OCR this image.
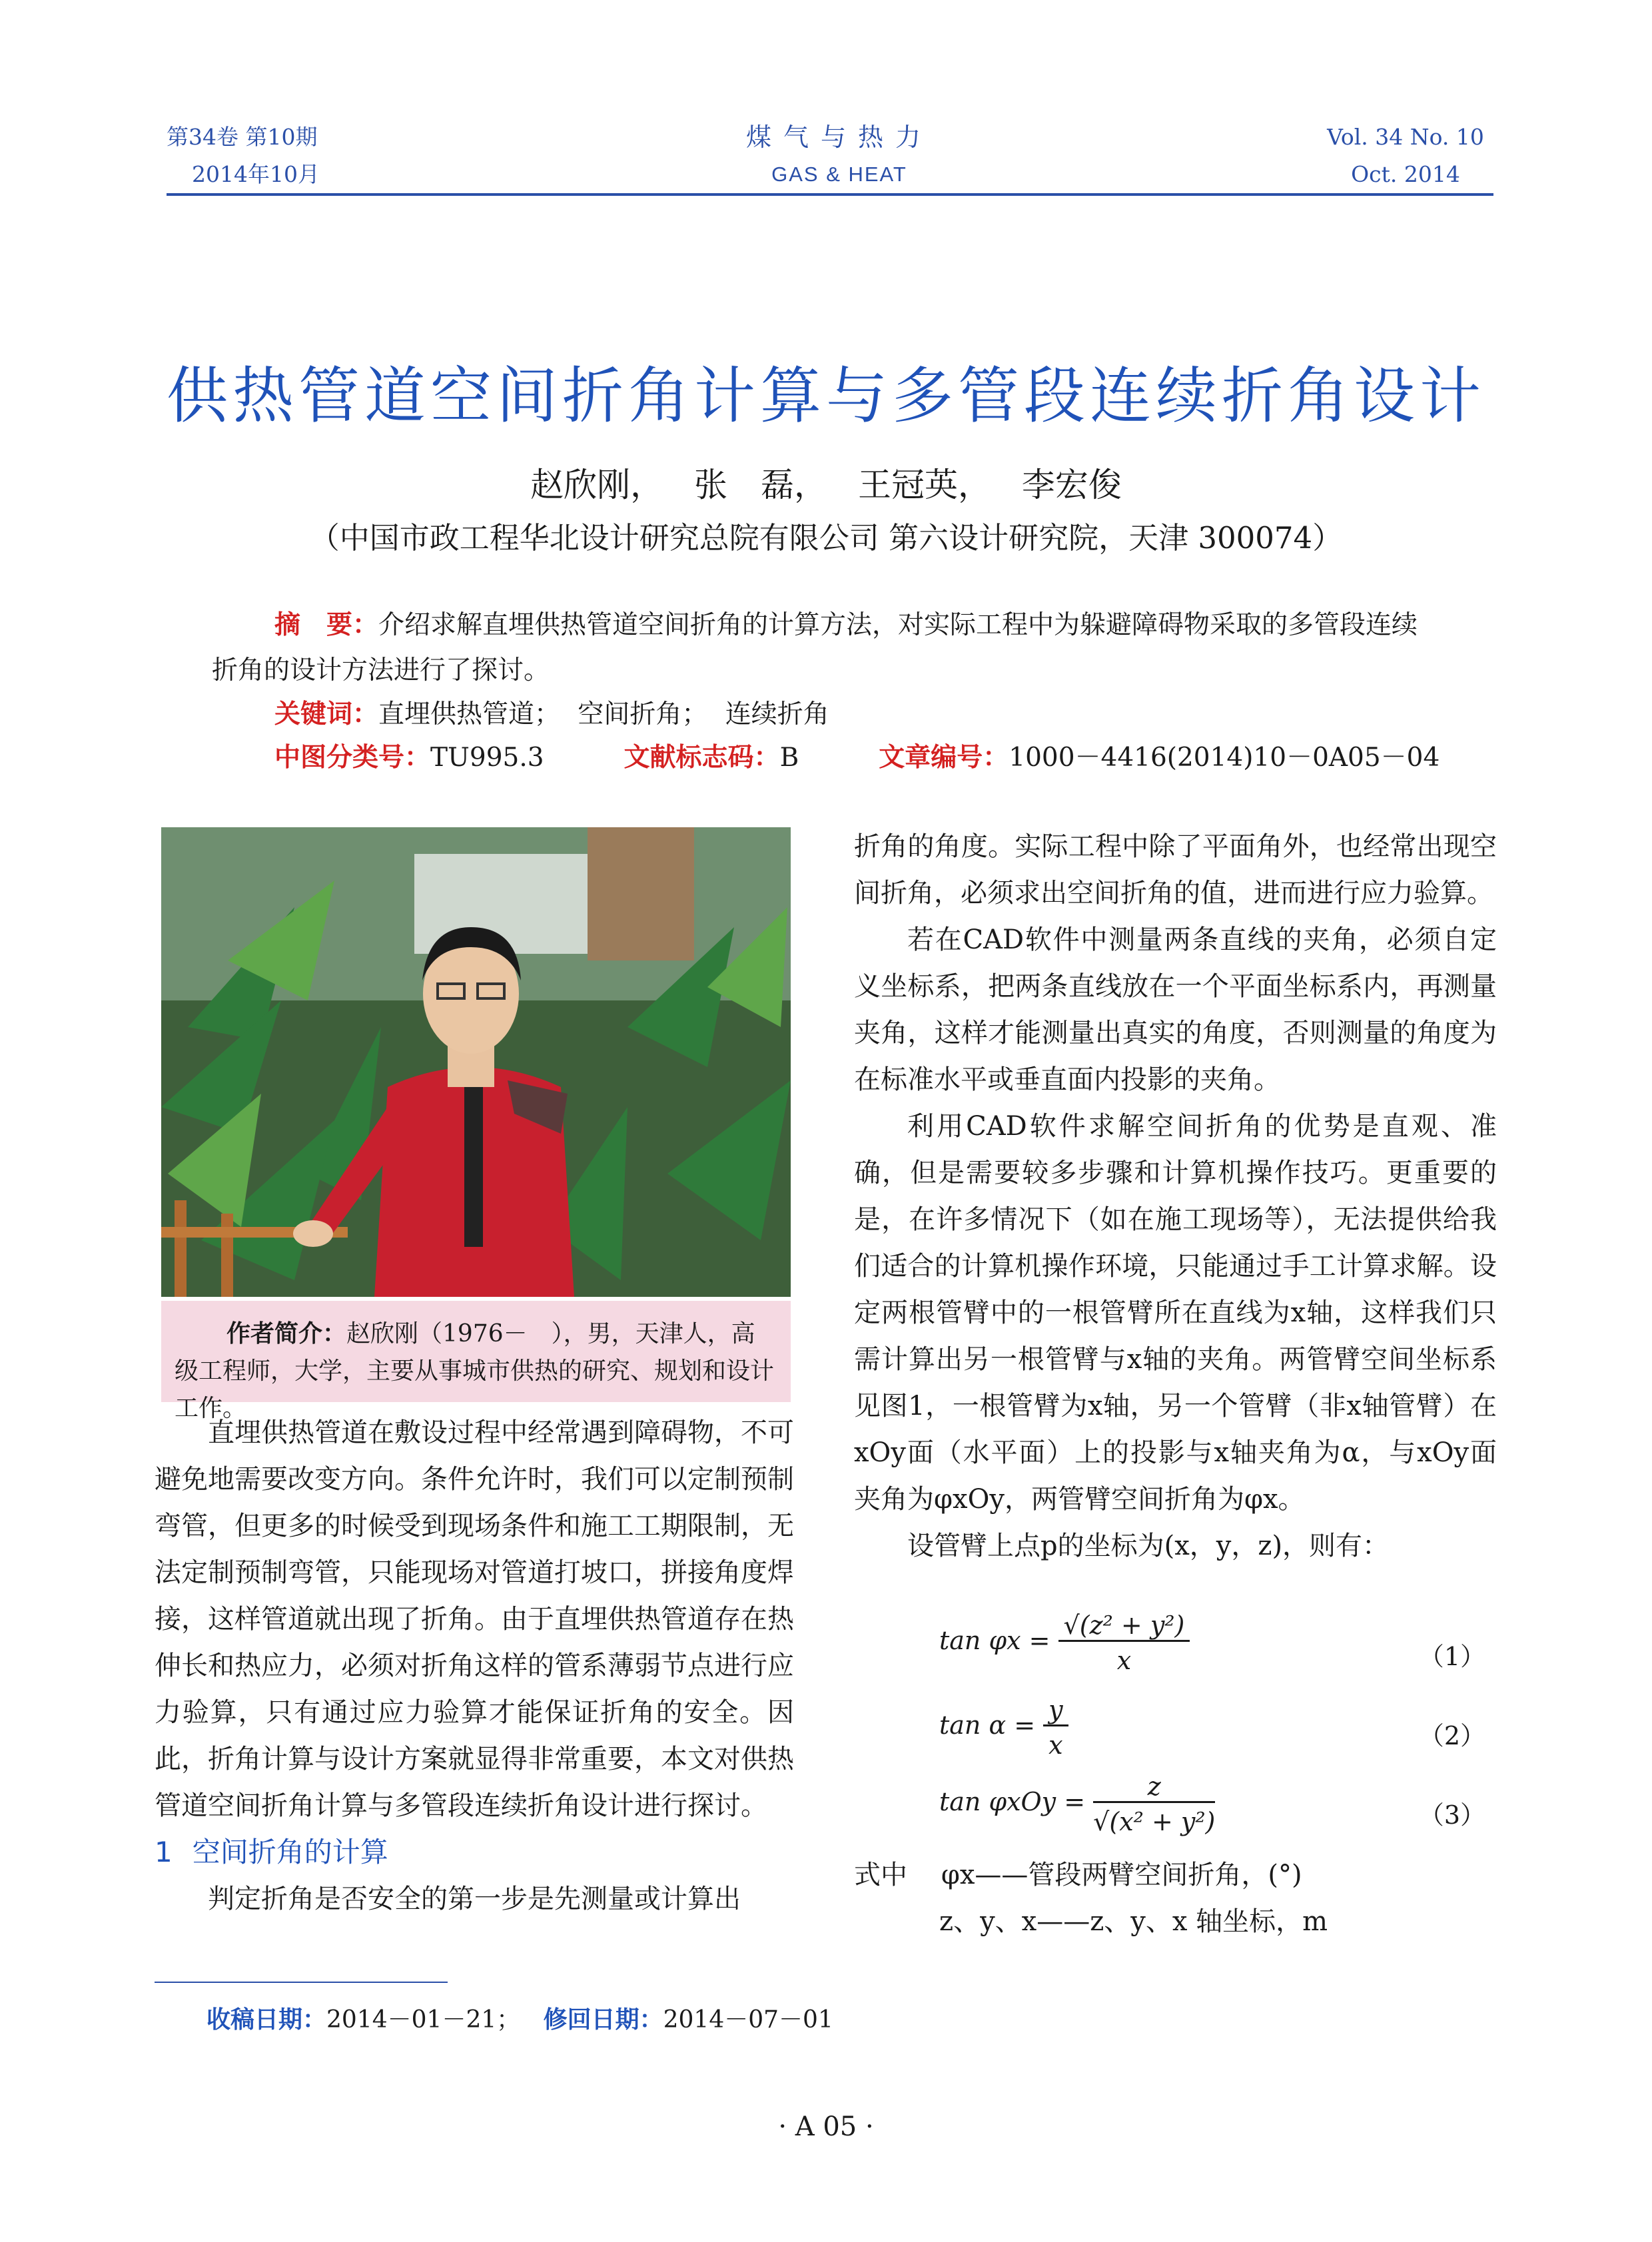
第34卷 第10期
2014年10月
煤气与热力
GAS & HEAT
Vol. 34 No. 10
Oct. 2014
供热管道空间折角计算与多管段连续折角设计
赵欣刚， 张　磊， 王冠英， 李宏俊
（中国市政工程华北设计研究总院有限公司 第六设计研究院，天津 300074）

摘　要：介绍求解直埋供热管道空间折角的计算方法，对实际工程中为躲避障碍物采取的多管段连续折角的设计方法进行了探讨。

关键词：直埋供热管道； 空间折角； 连续折角
中图分类号：TU995.3	文献标志码：B	文章编号：1000－4416(2014)10－0A05－04

作者简介：赵欣刚（1976－　），男，天津人，高级工程师，大学，主要从事城市供热的研究、规划和设计工作。

直埋供热管道在敷设过程中经常遇到障碍物，不可避免地需要改变方向。条件允许时，我们可以定制预制弯管，但更多的时候受到现场条件和施工工期限制，无法定制预制弯管，只能现场对管道打坡口，拼接角度焊接，这样管道就出现了折角。由于直埋供热管道存在热伸长和热应力，必须对折角这样的管系薄弱节点进行应力验算，只有通过应力验算才能保证折角的安全。因此，折角计算与设计方案就显得非常重要，本文对供热管道空间折角计算与多管段连续折角设计进行探讨。

1 空间折角的计算

判定折角是否安全的第一步是先测量或计算出

折角的角度。实际工程中除了平面角外，也经常出现空间折角，必须求出空间折角的值，进而进行应力验算。

若在CAD软件中测量两条直线的夹角，必须自定义坐标系，把两条直线放在一个平面坐标系内，再测量夹角，这样才能测量出真实的角度，否则测量的角度为在标准水平或垂直面内投影的夹角。

利用CAD软件求解空间折角的优势是直观、准确，但是需要较多步骤和计算机操作技巧。更重要的是，在许多情况下（如在施工现场等），无法提供给我们适合的计算机操作环境，只能通过手工计算求解。设定两根管臂中的一根管臂所在直线为x轴，这样我们只需计算出另一根管臂与x轴的夹角。两管臂空间坐标系见图1，一根管臂为x轴，另一个管臂（非x轴管臂）在xOy面（水平面）上的投影与x轴夹角为α，与xOy面夹角为φxOy，两管臂空间折角为φx。

设管臂上点p的坐标为(x，y，z)，则有：

$\tan \varphi x = \frac{\text{√(z² + y²)}}{x}$	（1）
$\tan \alpha = \frac{y}{x}$	（2）
$\tan \varphi xOy = \frac{z}{\text{√(x² + y²)}}$	（3）
式中 φx——管段两臂空间折角，(°)
z、y、x——z、y、x 轴坐标，m
收稿日期：2014－01－21； 修回日期：2014－07－01
· A 05 ·
